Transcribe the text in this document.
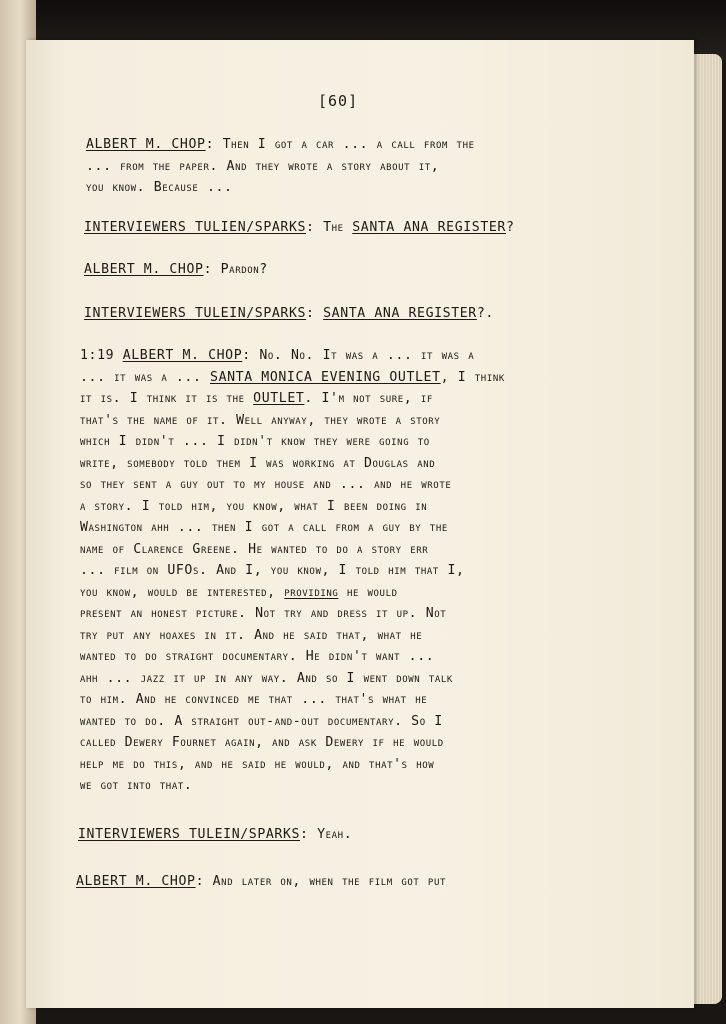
[60]
ALBERT M. CHOP: Then I got a car ... a call from the
... from the paper. And they wrote a story about it,
you know. Because ...
INTERVIEWERS TULIEN/SPARKS: The SANTA ANA REGISTER?
ALBERT M. CHOP: Pardon?
INTERVIEWERS TULEIN/SPARKS: SANTA ANA REGISTER?.
1:19 ALBERT M. CHOP: No. No. It was a ... it was a
... it was a ... SANTA MONICA EVENING OUTLET, I think
it is. I think it is the OUTLET. I'm not sure, if
that's the name of it. Well anyway, they wrote a story
which I didn't ... I didn't know they were going to
write, somebody told them I was working at Douglas and
so they sent a guy out to my house and ... and he wrote
a story. I told him, you know, what I been doing in
Washington ahh ... then I got a call from a guy by the
name of Clarence Greene. He wanted to do a story err
... film on UFOs. And I, you know, I told him that I,
you know, would be interested, providing he would
present an honest picture. Not try and dress it up. Not
try put any hoaxes in it. And he said that, what he
wanted to do straight documentary. He didn't want ...
ahh ... jazz it up in any way. And so I went down talk
to him. And he convinced me that ... that's what he
wanted to do. A straight out-and-out documentary. So I
called Dewery Fournet again, and ask Dewery if he would
help me do this, and he said he would, and that's how
we got into that.
INTERVIEWERS TULEIN/SPARKS: Yeah.
ALBERT M. CHOP: And later on, when the film got put
